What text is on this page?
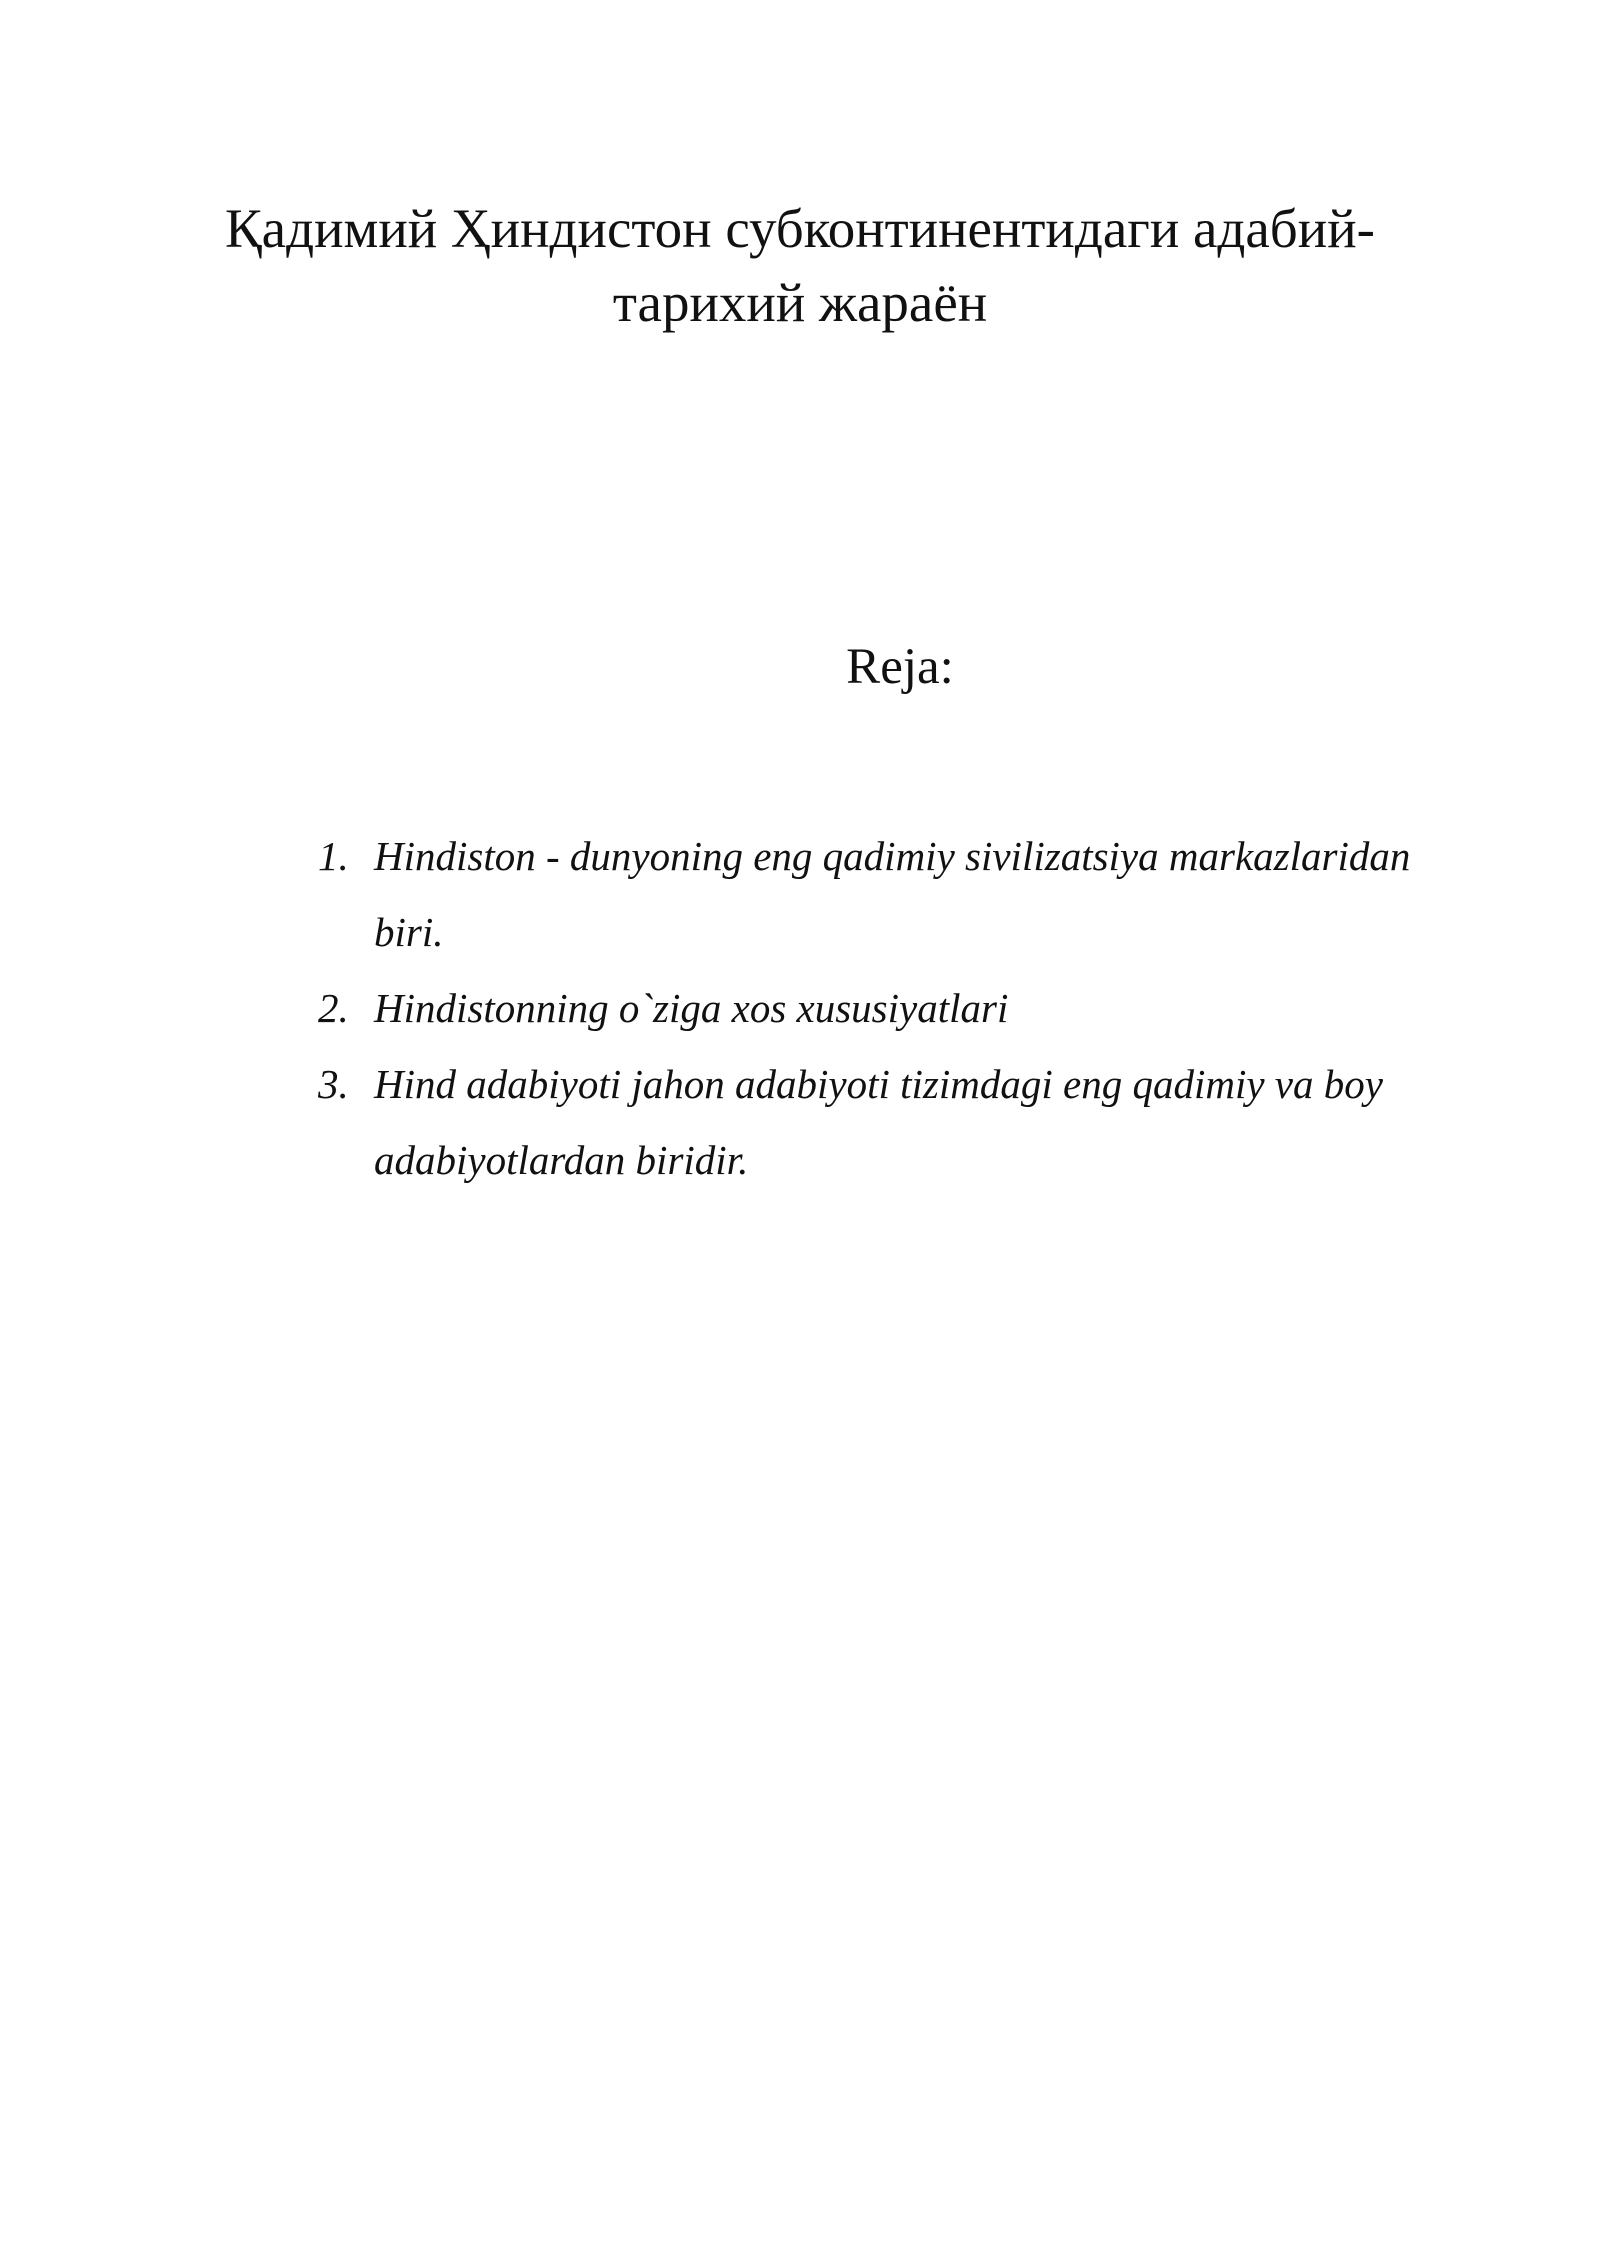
Қадимий Ҳиндистон субконтинентидаги адабий-
тарихий жараён
Reja:
1. Hindiston - dunyoning eng qadimiy sivilizatsiya markazlaridan
biri.
2. Hindistonning o`ziga xos xususiyatlari
3. Hind adabiyoti jahon adabiyoti tizimdagi eng qadimiy va boy
adabiyotlardan biridir.
